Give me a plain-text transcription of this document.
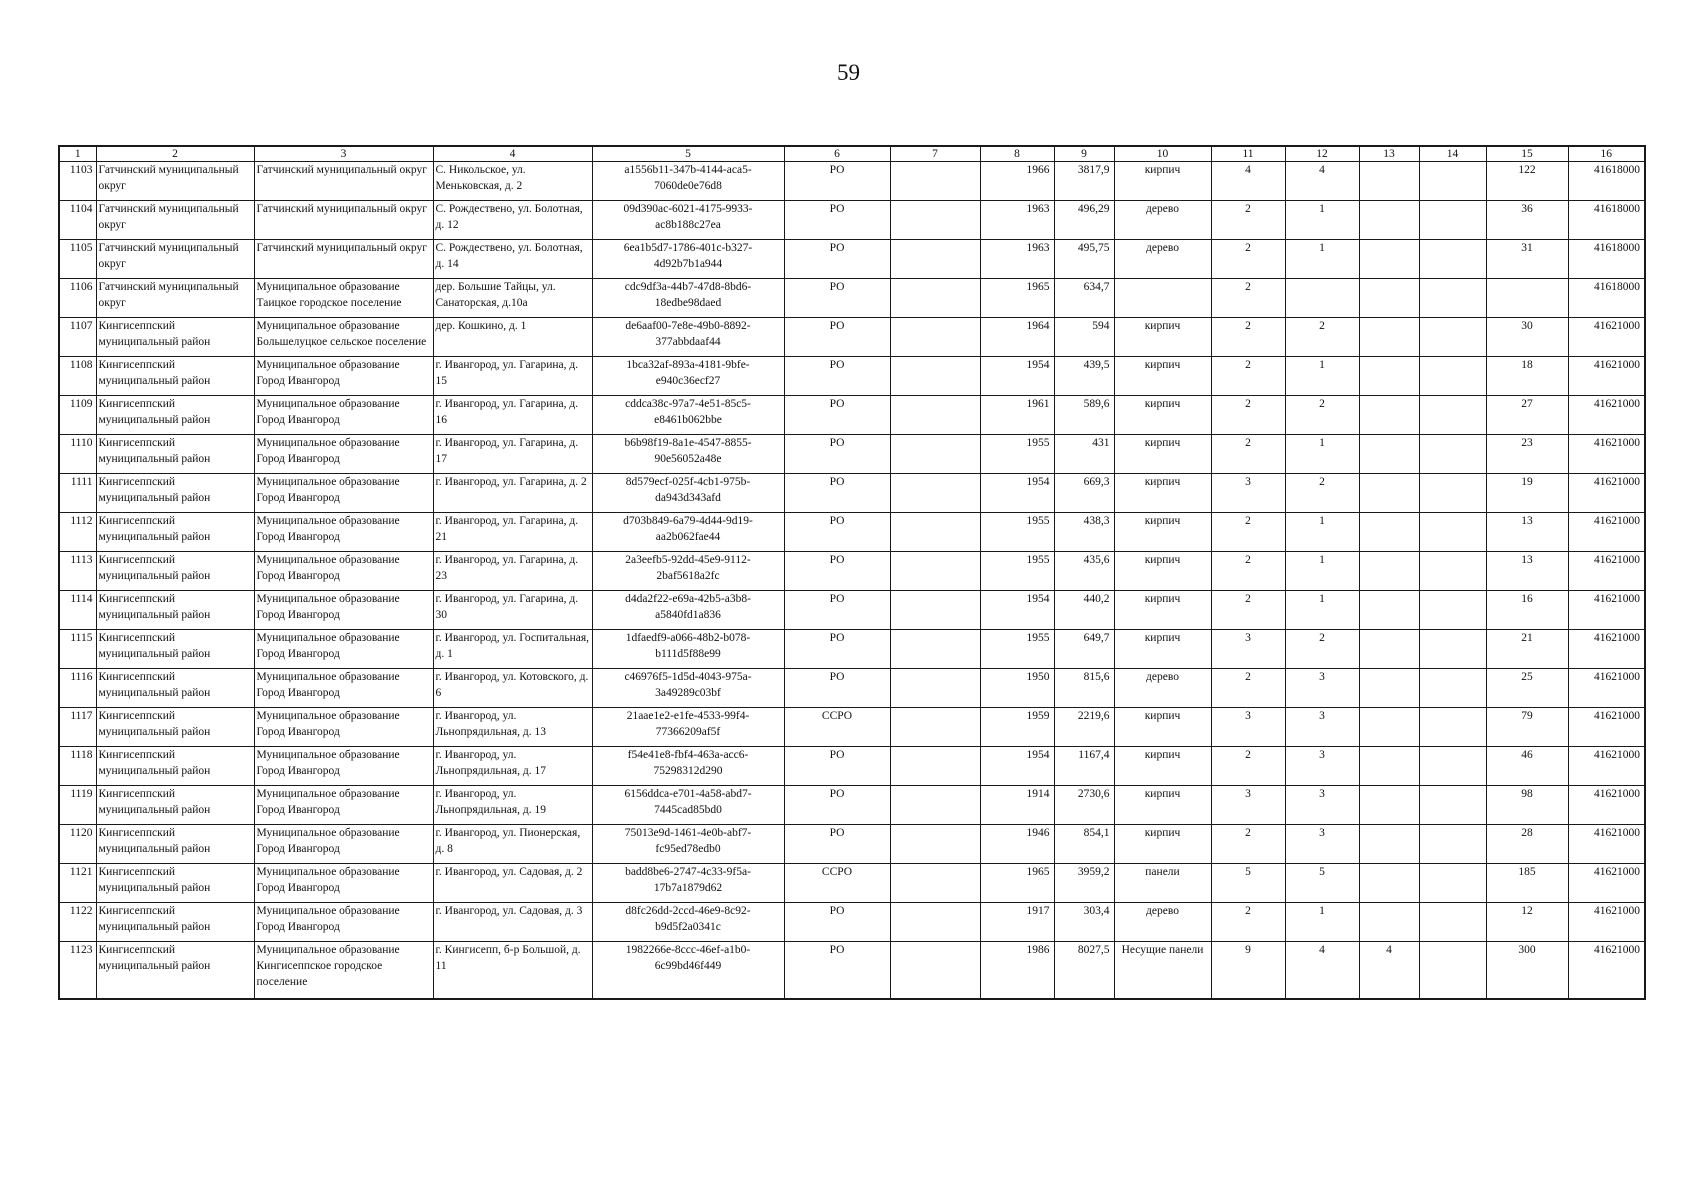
59
1	2	3	4	5	6	7	8	9	10	11	12	13	14	15	16
1103	Гатчинский муниципальный округ	Гатчинский муниципальный округ	С. Никольское, ул. Меньковская, д. 2	a1556b11-347b-4144-aca5-7060de0e76d8	РО		1966	3817,9	кирпич	4	4			122	41618000
1104	Гатчинский муниципальный округ	Гатчинский муниципальный округ	С. Рождествено, ул. Болотная, д. 12	09d390ac-6021-4175-9933-ac8b188c27ea	РО		1963	496,29	дерево	2	1			36	41618000
1105	Гатчинский муниципальный округ	Гатчинский муниципальный округ	С. Рождествено, ул. Болотная, д. 14	6ea1b5d7-1786-401c-b327-4d92b7b1a944	РО		1963	495,75	дерево	2	1			31	41618000
1106	Гатчинский муниципальный округ	Муниципальное образование Таицкое городское поселение	дер. Большие Тайцы, ул. Санаторская, д.10а	cdc9df3a-44b7-47d8-8bd6-18edbe98daed	РО		1965	634,7		2					41618000
1107	Кингисеппский муниципальный район	Муниципальное образование Большелуцкое сельское поселение	дер. Кошкино, д. 1	de6aaf00-7e8e-49b0-8892-377abbdaaf44	РО		1964	594	кирпич	2	2			30	41621000
1108	Кингисеппский муниципальный район	Муниципальное образование Город Ивангород	г. Ивангород, ул. Гагарина, д. 15	1bca32af-893a-4181-9bfe-e940c36ecf27	РО		1954	439,5	кирпич	2	1			18	41621000
1109	Кингисеппский муниципальный район	Муниципальное образование Город Ивангород	г. Ивангород, ул. Гагарина, д. 16	cddca38c-97a7-4e51-85c5-e8461b062bbe	РО		1961	589,6	кирпич	2	2			27	41621000
1110	Кингисеппский муниципальный район	Муниципальное образование Город Ивангород	г. Ивангород, ул. Гагарина, д. 17	b6b98f19-8a1e-4547-8855-90e56052a48e	РО		1955	431	кирпич	2	1			23	41621000
1111	Кингисеппский муниципальный район	Муниципальное образование Город Ивангород	г. Ивангород, ул. Гагарина, д. 2	8d579ecf-025f-4cb1-975b-da943d343afd	РО		1954	669,3	кирпич	3	2			19	41621000
1112	Кингисеппский муниципальный район	Муниципальное образование Город Ивангород	г. Ивангород, ул. Гагарина, д. 21	d703b849-6a79-4d44-9d19-aa2b062fae44	РО		1955	438,3	кирпич	2	1			13	41621000
1113	Кингисеппский муниципальный район	Муниципальное образование Город Ивангород	г. Ивангород, ул. Гагарина, д. 23	2a3eefb5-92dd-45e9-9112-2baf5618a2fc	РО		1955	435,6	кирпич	2	1			13	41621000
1114	Кингисеппский муниципальный район	Муниципальное образование Город Ивангород	г. Ивангород, ул. Гагарина, д. 30	d4da2f22-e69a-42b5-a3b8-a5840fd1a836	РО		1954	440,2	кирпич	2	1			16	41621000
1115	Кингисеппский муниципальный район	Муниципальное образование Город Ивангород	г. Ивангород, ул. Госпитальная, д. 1	1dfaedf9-a066-48b2-b078-b111d5f88e99	РО		1955	649,7	кирпич	3	2			21	41621000
1116	Кингисеппский муниципальный район	Муниципальное образование Город Ивангород	г. Ивангород, ул. Котовского, д. 6	c46976f5-1d5d-4043-975a-3a49289c03bf	РО		1950	815,6	дерево	2	3			25	41621000
1117	Кингисеппский муниципальный район	Муниципальное образование Город Ивангород	г. Ивангород, ул. Льнопрядильная, д. 13	21aae1e2-e1fe-4533-99f4-77366209af5f	ССРО		1959	2219,6	кирпич	3	3			79	41621000
1118	Кингисеппский муниципальный район	Муниципальное образование Город Ивангород	г. Ивангород, ул. Льнопрядильная, д. 17	f54e41e8-fbf4-463a-acc6-75298312d290	РО		1954	1167,4	кирпич	2	3			46	41621000
1119	Кингисеппский муниципальный район	Муниципальное образование Город Ивангород	г. Ивангород, ул. Льнопрядильная, д. 19	6156ddca-e701-4a58-abd7-7445cad85bd0	РО		1914	2730,6	кирпич	3	3			98	41621000
1120	Кингисеппский муниципальный район	Муниципальное образование Город Ивангород	г. Ивангород, ул. Пионерская, д. 8	75013e9d-1461-4e0b-abf7-fc95ed78edb0	РО		1946	854,1	кирпич	2	3			28	41621000
1121	Кингисеппский муниципальный район	Муниципальное образование Город Ивангород	г. Ивангород, ул. Садовая, д. 2	badd8be6-2747-4c33-9f5a-17b7a1879d62	ССРО		1965	3959,2	панели	5	5			185	41621000
1122	Кингисеппский муниципальный район	Муниципальное образование Город Ивангород	г. Ивангород, ул. Садовая, д. 3	d8fc26dd-2ccd-46e9-8c92-b9d5f2a0341c	РО		1917	303,4	дерево	2	1			12	41621000
1123	Кингисеппский муниципальный район	Муниципальное образование Кингисеппское городское поселение	г. Кингисепп, б-р Большой, д. 11	1982266e-8ccc-46ef-a1b0-6c99bd46f449	РО		1986	8027,5	Несущие панели	9	4	4		300	41621000
